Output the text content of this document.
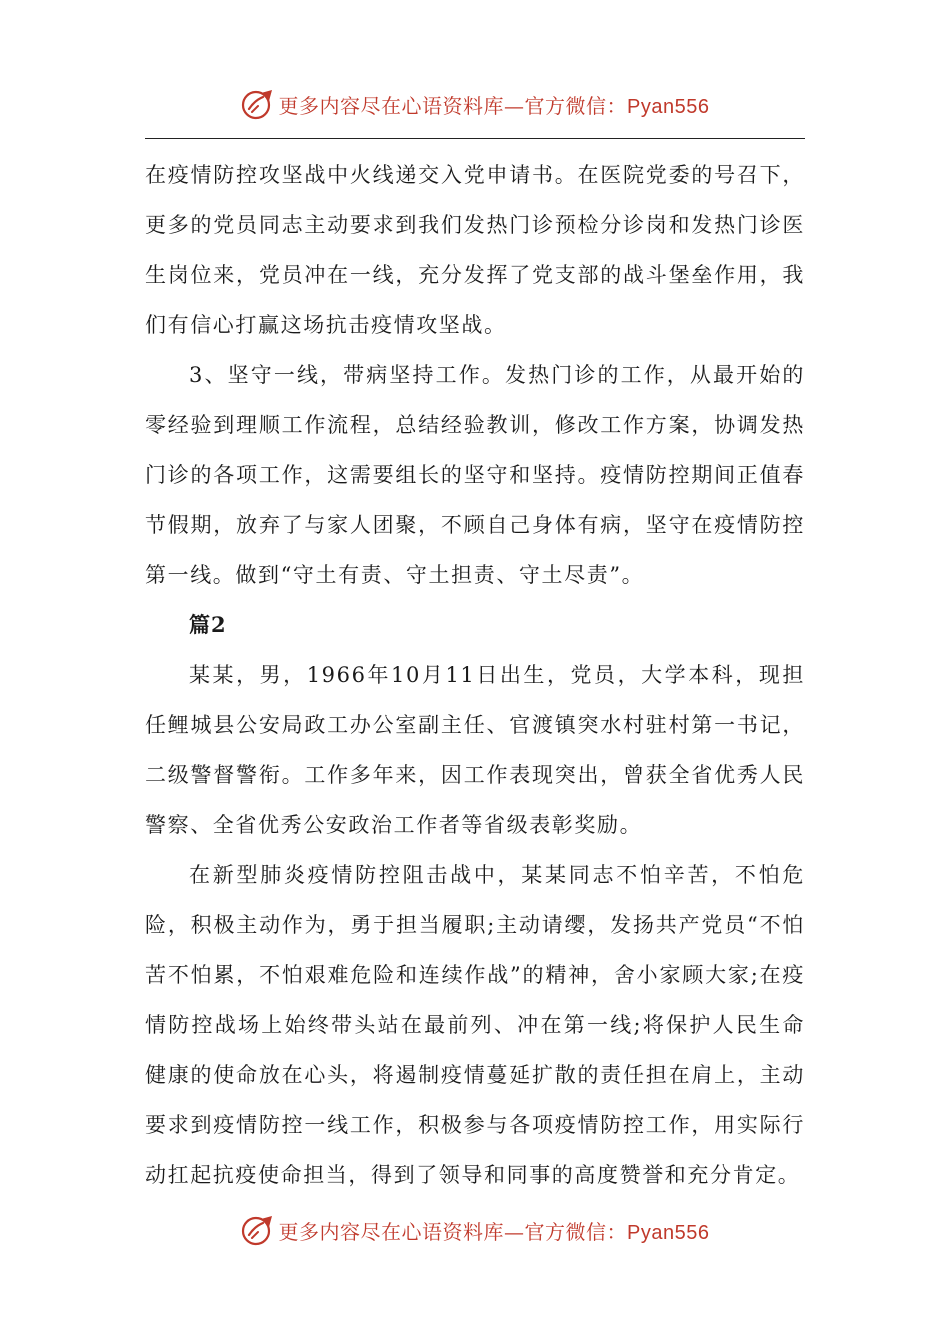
更多内容尽在心语资料库—官方微信：Pyan556

在疫情防控攻坚战中火线递交入党申请书。在医院党委的号召下，更多的党员同志主动要求到我们发热门诊预检分诊岗和发热门诊医生岗位来，党员冲在一线，充分发挥了党支部的战斗堡垒作用，我们有信心打赢这场抗击疫情攻坚战。

3、坚守一线，带病坚持工作。发热门诊的工作，从最开始的零经验到理顺工作流程，总结经验教训，修改工作方案，协调发热门诊的各项工作，这需要组长的坚守和坚持。疫情防控期间正值春节假期，放弃了与家人团聚，不顾自己身体有病，坚守在疫情防控第一线。做到“守土有责、守土担责、守土尽责”。

篇2

某某，男，1966年10月11日出生，党员，大学本科，现担任鲤城县公安局政工办公室副主任、官渡镇突水村驻村第一书记，二级警督警衔。工作多年来，因工作表现突出，曾获全省优秀人民警察、全省优秀公安政治工作者等省级表彰奖励。

在新型肺炎疫情防控阻击战中，某某同志不怕辛苦，不怕危险，积极主动作为，勇于担当履职;主动请缨，发扬共产党员“不怕苦不怕累，不怕艰难危险和连续作战”的精神，舍小家顾大家;在疫情防控战场上始终带头站在最前列、冲在第一线;将保护人民生命健康的使命放在心头，将遏制疫情蔓延扩散的责任担在肩上，主动要求到疫情防控一线工作，积极参与各项疫情防控工作，用实际行动扛起抗疫使命担当，得到了领导和同事的高度赞誉和充分肯定。

更多内容尽在心语资料库—官方微信：Pyan556
